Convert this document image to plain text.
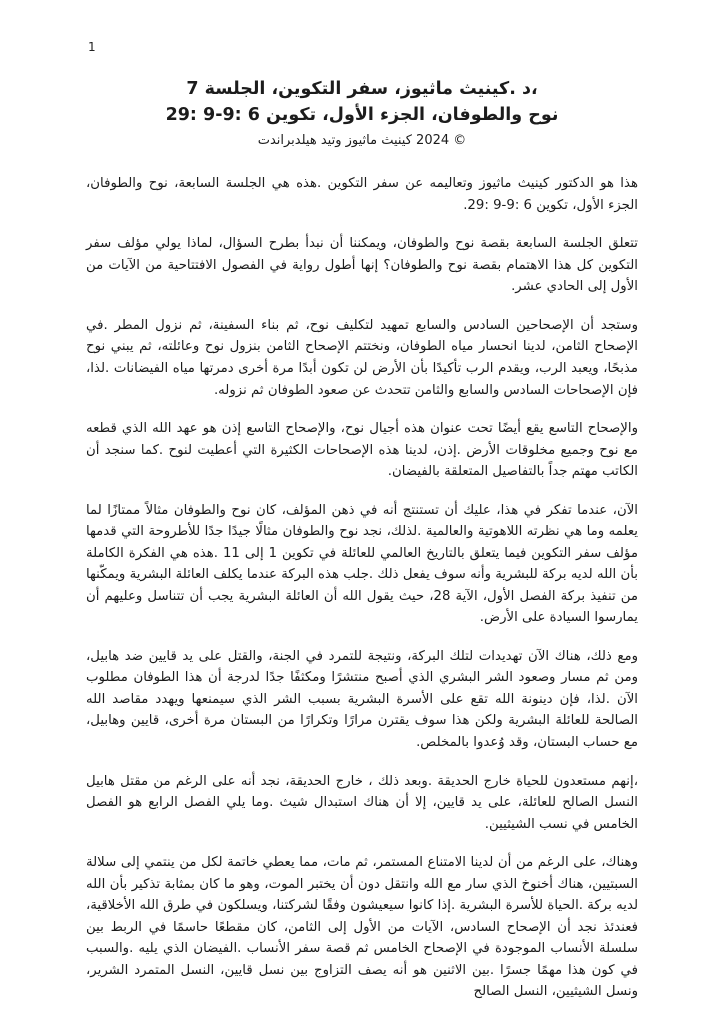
1
،د .كينيث ماثيوز، سفر التكوين، الجلسة 7
نوح والطوفان، الجزء الأول، تكوين 6 :9-9 :29
© 2024 كينيث ماثيوز وتيد هيلدبراندت

هذا هو الدكتور كينيث ماثيوز وتعاليمه عن سفر التكوين .هذه هي الجلسة السابعة، نوح والطوفان، الجزء الأول، تكوين 6 :9-9 :29.

تتعلق الجلسة السابعة بقصة نوح والطوفان، ويمكننا أن نبدأ بطرح السؤال، لماذا يولي مؤلف سفر التكوين كل هذا الاهتمام بقصة نوح والطوفان؟ إنها أطول رواية في الفصول الافتتاحية من الآيات من الأول إلى الحادي عشر.

وستجد أن الإصحاحين السادس والسابع تمهيد لتكليف نوح، ثم بناء السفينة، ثم نزول المطر .في الإصحاح الثامن، لدينا انحسار مياه الطوفان، ونختتم الإصحاح الثامن بنزول نوح وعائلته، ثم يبني نوح مذبحًا، ويعبد الرب، ويقدم الرب تأكيدًا بأن الأرض لن تكون أبدًا مرة أخرى دمرتها مياه الفيضانات .لذا، فإن الإصحاحات السادس والسابع والثامن تتحدث عن صعود الطوفان ثم نزوله.

والإصحاح التاسع يقع أيضًا تحت عنوان هذه أجيال نوح، والإصحاح التاسع إذن هو عهد الله الذي قطعه مع نوح وجميع مخلوقات الأرض .إذن، لدينا هذه الإصحاحات الكثيرة التي أعطيت لنوح .كما سنجد أن الكاتب مهتم جداً بالتفاصيل المتعلقة بالفيضان.

الآن، عندما تفكر في هذا، عليك أن تستنتج أنه في ذهن المؤلف، كان نوح والطوفان مثالاً ممتازًا لما يعلمه وما هي نظرته اللاهوتية والعالمية .لذلك، نجد نوح والطوفان مثالًا جيدًا جدًا للأطروحة التي قدمها مؤلف سفر التكوين فيما يتعلق بالتاريخ العالمي للعائلة في تكوين 1 إلى 11 .هذه هي الفكرة الكاملة بأن الله لديه بركة للبشرية وأنه سوف يفعل ذلك .جلب هذه البركة عندما يكلف العائلة البشرية ويمكّنها من تنفيذ بركة الفصل الأول، الآية 28، حيث يقول الله أن العائلة البشرية يجب أن تتناسل وعليهم أن يمارسوا السيادة على الأرض.

ومع ذلك، هناك الآن تهديدات لتلك البركة، ونتيجة للتمرد في الجنة، والقتل على يد قايين ضد هابيل، ومن ثم مسار وصعود الشر البشري الذي أصبح منتشرًا ومكثفًا جدًا لدرجة أن هذا الطوفان مطلوب الآن .لذا، فإن دينونة الله تقع على الأسرة البشرية بسبب الشر الذي سيمنعها ويهدد مقاصد الله الصالحة للعائلة البشرية ولكن هذا سوف يقترن مرارًا وتكرارًا من البستان مرة أخرى، قايين وهابيل، مع حساب البستان، وقد وُعدوا بالمخلص.

،إنهم مستعدون للحياة خارج الحديقة .وبعد ذلك ، خارج الحديقة، نجد أنه على الرغم من مقتل هابيل النسل الصالح للعائلة، على يد قايين، إلا أن هناك استبدال شيث .وما يلي الفصل الرابع هو الفصل الخامس في نسب الشيثيين.

وهناك، على الرغم من أن لدينا الامتناع المستمر، ثم مات، مما يعطي خاتمة لكل من ينتمي إلى سلالة السبتيين، هناك أخنوخ الذي سار مع الله وانتقل دون أن يختبر الموت، وهو ما كان بمثابة تذكير بأن الله لديه بركة .الحياة للأسرة البشرية .إذا كانوا سيعيشون وفقًا لشركتنا، ويسلكون في طرق الله الأخلاقية، فعندئذ نجد أن الإصحاح السادس، الآيات من الأول إلى الثامن، كان مقطعًا حاسمًا في الربط بين سلسلة الأنساب الموجودة في الإصحاح الخامس ثم قصة سفر الأنساب .الفيضان الذي يليه .والسبب في كون هذا مهمًا جسرًا .بين الاثنين هو أنه يصف التزاوج بين نسل قايين، النسل المتمرد الشرير، ونسل الشيثيين، النسل الصالح
